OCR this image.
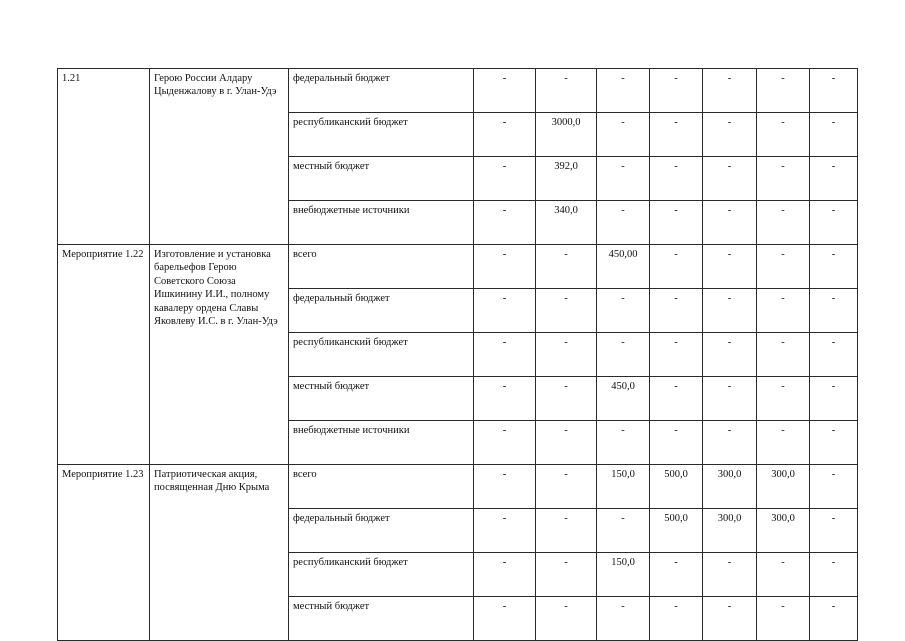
1.21	Герою России Алдару Цыденжалову в г. Улан-Удэ	федеральный бюджет	-	-	-	-	-	-	-
		республиканский бюджет	-	3000,0	-	-	-	-	-
		местный бюджет	-	392,0	-	-	-	-	-
		внебюджетные источники	-	340,0	-	-	-	-	-
Мероприятие 1.22	Изготовление и установка барельефов Герою Советского Союза Ишкинину И.И., полному кавалеру ордена Славы Яковлеву И.С. в г. Улан-Удэ	всего	-	-	450,00	-	-	-	-
		федеральный бюджет	-	-	-	-	-	-	-
		республиканский бюджет	-	-	-	-	-	-	-
		местный бюджет	-	-	450,0	-	-	-	-
		внебюджетные источники	-	-	-	-	-	-	-
Мероприятие 1.23	Патриотическая акция, посвященная Дню Крыма	всего	-	-	150,0	500,0	300,0	300,0	-
		федеральный бюджет	-	-	-	500,0	300,0	300,0	-
		республиканский бюджет	-	-	150,0	-	-	-	-
		местный бюджет	-	-	-	-	-	-	-
